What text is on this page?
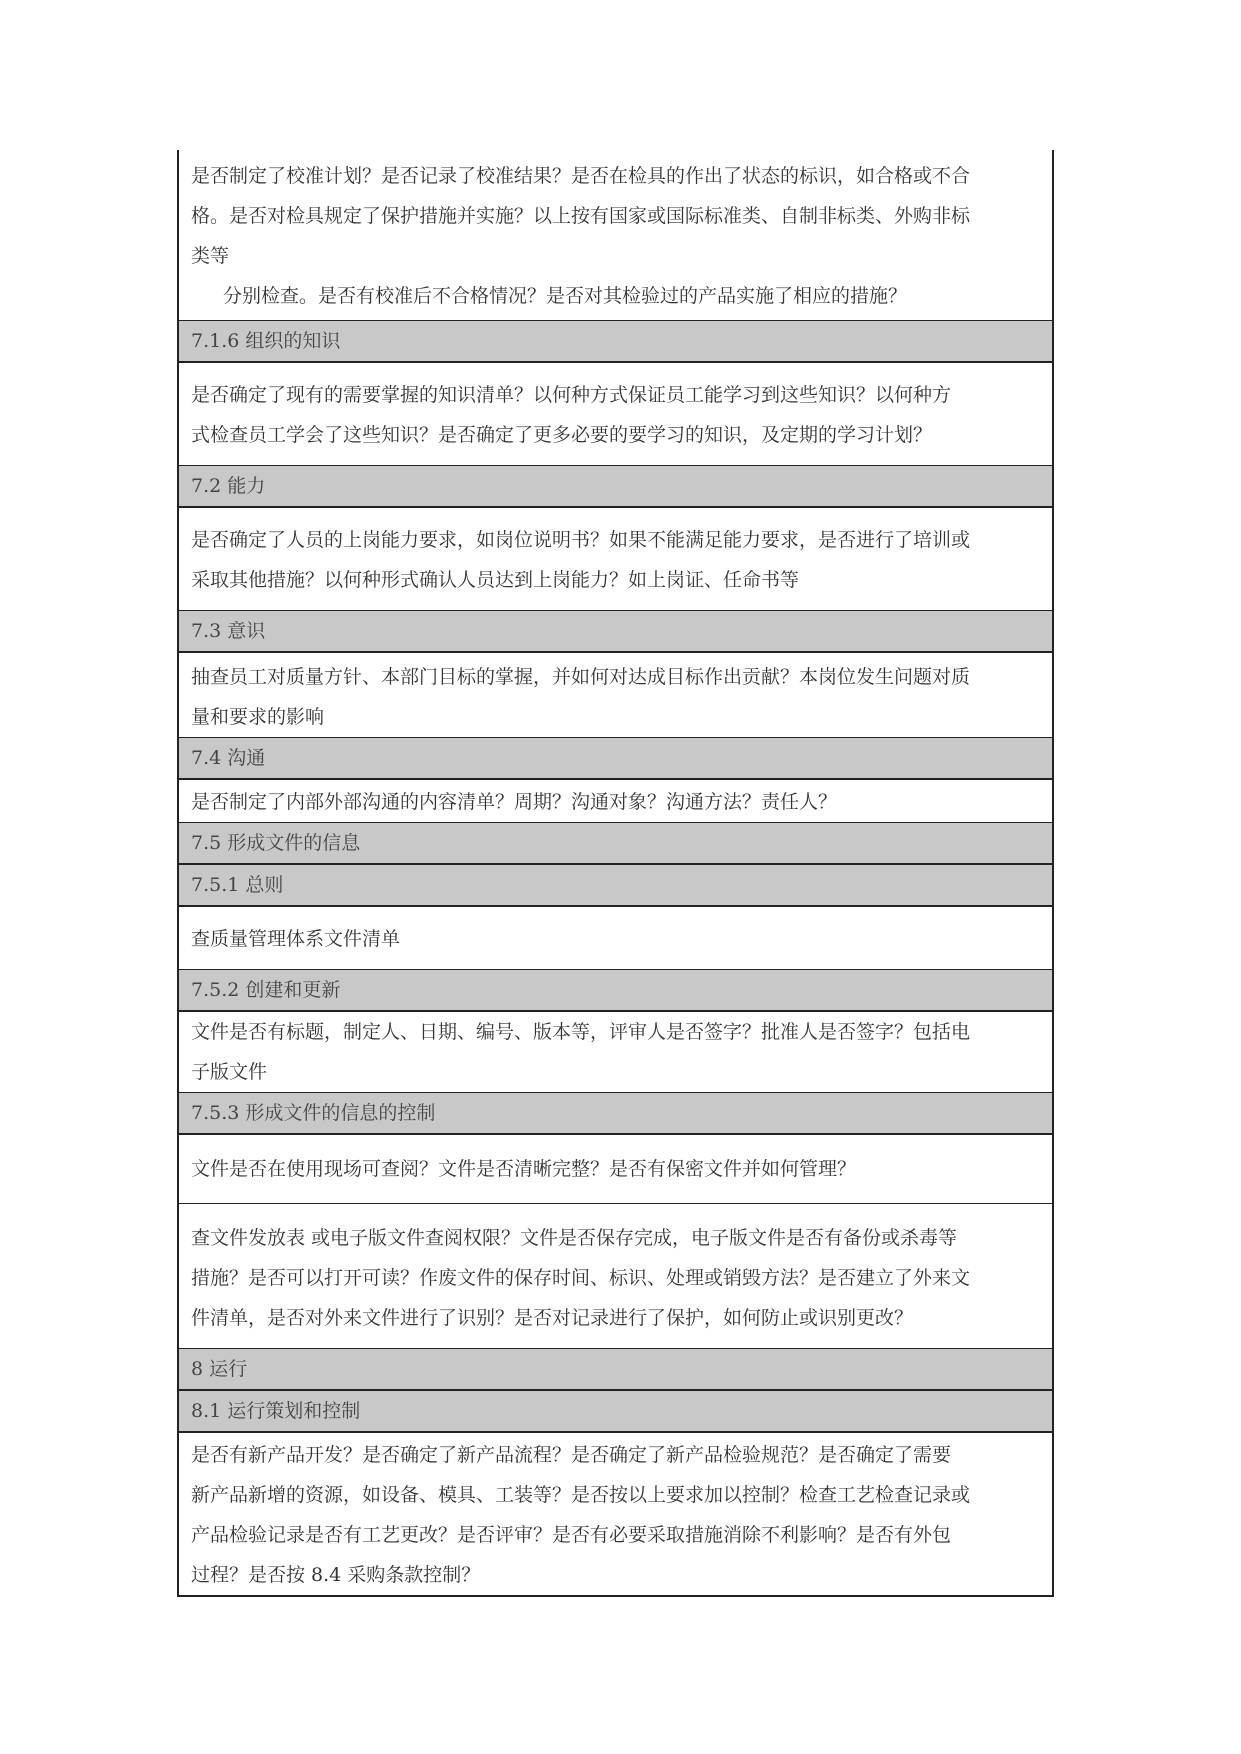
是否制定了校准计划？是否记录了校准结果？是否在检具的作出了状态的标识，如合格或不合

格。是否对检具规定了保护措施并实施？以上按有国家或国际标准类、自制非标类、外购非标

类等

分别检查。是否有校准后不合格情况？是否对其检验过的产品实施了相应的措施？

7.1.6 组织的知识

是否确定了现有的需要掌握的知识清单？以何种方式保证员工能学习到这些知识？以何种方

式检查员工学会了这些知识？是否确定了更多必要的要学习的知识，及定期的学习计划？

7.2 能力

是否确定了人员的上岗能力要求，如岗位说明书？如果不能满足能力要求，是否进行了培训或

采取其他措施？以何种形式确认人员达到上岗能力？如上岗证、任命书等

7.3 意识

抽查员工对质量方针、本部门目标的掌握，并如何对达成目标作出贡献？本岗位发生问题对质

量和要求的影响

7.4 沟通

是否制定了内部外部沟通的内容清单？周期？沟通对象？沟通方法？责任人？

7.5 形成文件的信息
7.5.1 总则

查质量管理体系文件清单

7.5.2 创建和更新

文件是否有标题，制定人、日期、编号、版本等，评审人是否签字？批准人是否签字？包括电

子版文件

7.5.3 形成文件的信息的控制

文件是否在使用现场可查阅？文件是否清晰完整？是否有保密文件并如何管理？

查文件发放表 或电子版文件查阅权限？文件是否保存完成，电子版文件是否有备份或杀毒等

措施？是否可以打开可读？作废文件的保存时间、标识、处理或销毁方法？是否建立了外来文

件清单，是否对外来文件进行了识别？是否对记录进行了保护，如何防止或识别更改？

8 运行
8.1 运行策划和控制

是否有新产品开发？是否确定了新产品流程？是否确定了新产品检验规范？是否确定了需要

新产品新增的资源，如设备、模具、工装等？是否按以上要求加以控制？检查工艺检查记录或

产品检验记录是否有工艺更改？是否评审？是否有必要采取措施消除不利影响？是否有外包

过程？是否按 8.4 采购条款控制？
